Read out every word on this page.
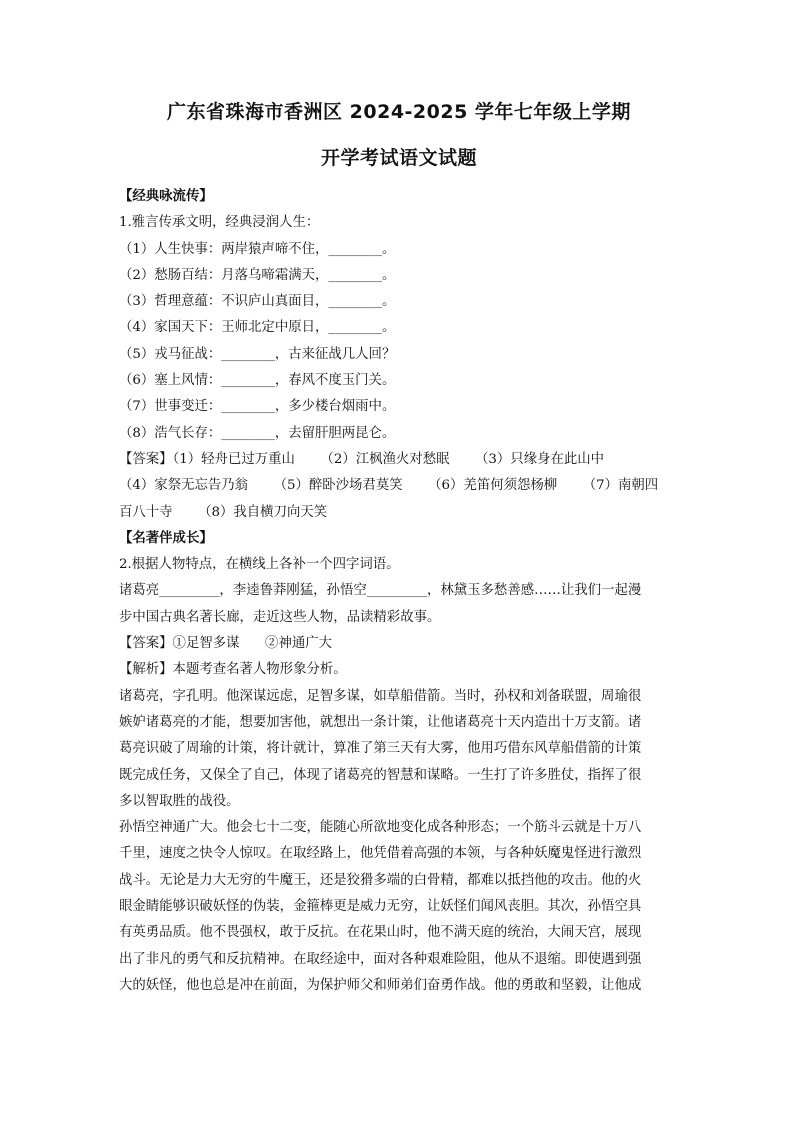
广东省珠海市香洲区 2024-2025 学年七年级上学期
开学考试语文试题
【经典咏流传】
1.雅言传承文明，经典浸润人生：
（1）人生快事：两岸猿声啼不住，________。
（2）愁肠百结：月落乌啼霜满天，________。
（3）哲理意蕴：不识庐山真面目，________。
（4）家国天下：王师北定中原日，________。
（5）戎马征战：________，古来征战几人回？
（6）塞上风情：________，春风不度玉门关。
（7）世事变迁：________，多少楼台烟雨中。
（8）浩气长存：________，去留肝胆两昆仑。
【答案】（1）轻舟已过万重山      （2）江枫渔火对愁眠      （3）只缘身在此山中
（4）家祭无忘告乃翁      （5）醉卧沙场君莫笑      （6）羌笛何须怨杨柳      （7）南朝四
百八十寺      （8）我自横刀向天笑
【名著伴成长】
2.根据人物特点，在横线上各补一个四字词语。
诸葛亮_________，李逵鲁莽刚猛，孙悟空_________，林黛玉多愁善感……让我们一起漫
步中国古典名著长廊，走近这些人物，品读精彩故事。
【答案】①足智多谋      ②神通广大
【解析】本题考查名著人物形象分析。
诸葛亮，字孔明。他深谋远虑，足智多谋，如草船借箭。当时，孙权和刘备联盟，周瑜很
嫉妒诸葛亮的才能，想要加害他，就想出一条计策，让他诸葛亮十天内造出十万支箭。诸
葛亮识破了周瑜的计策，将计就计，算准了第三天有大雾，他用巧借东风草船借箭的计策
既完成任务，又保全了自己，体现了诸葛亮的智慧和谋略。一生打了许多胜仗，指挥了很
多以智取胜的战役。
孙悟空神通广大。他会七十二变，能随心所欲地变化成各种形态；一个筋斗云就是十万八
千里，速度之快令人惊叹。在取经路上，他凭借着高强的本领，与各种妖魔鬼怪进行激烈
战斗。无论是力大无穷的牛魔王，还是狡猾多端的白骨精，都难以抵挡他的攻击。他的火
眼金睛能够识破妖怪的伪装，金箍棒更是威力无穷，让妖怪们闻风丧胆。其次，孙悟空具
有英勇品质。他不畏强权，敢于反抗。在花果山时，他不满天庭的统治，大闹天宫，展现
出了非凡的勇气和反抗精神。在取经途中，面对各种艰难险阻，他从不退缩。即使遇到强
大的妖怪，他也总是冲在前面，为保护师父和师弟们奋勇作战。他的勇敢和坚毅，让他成
